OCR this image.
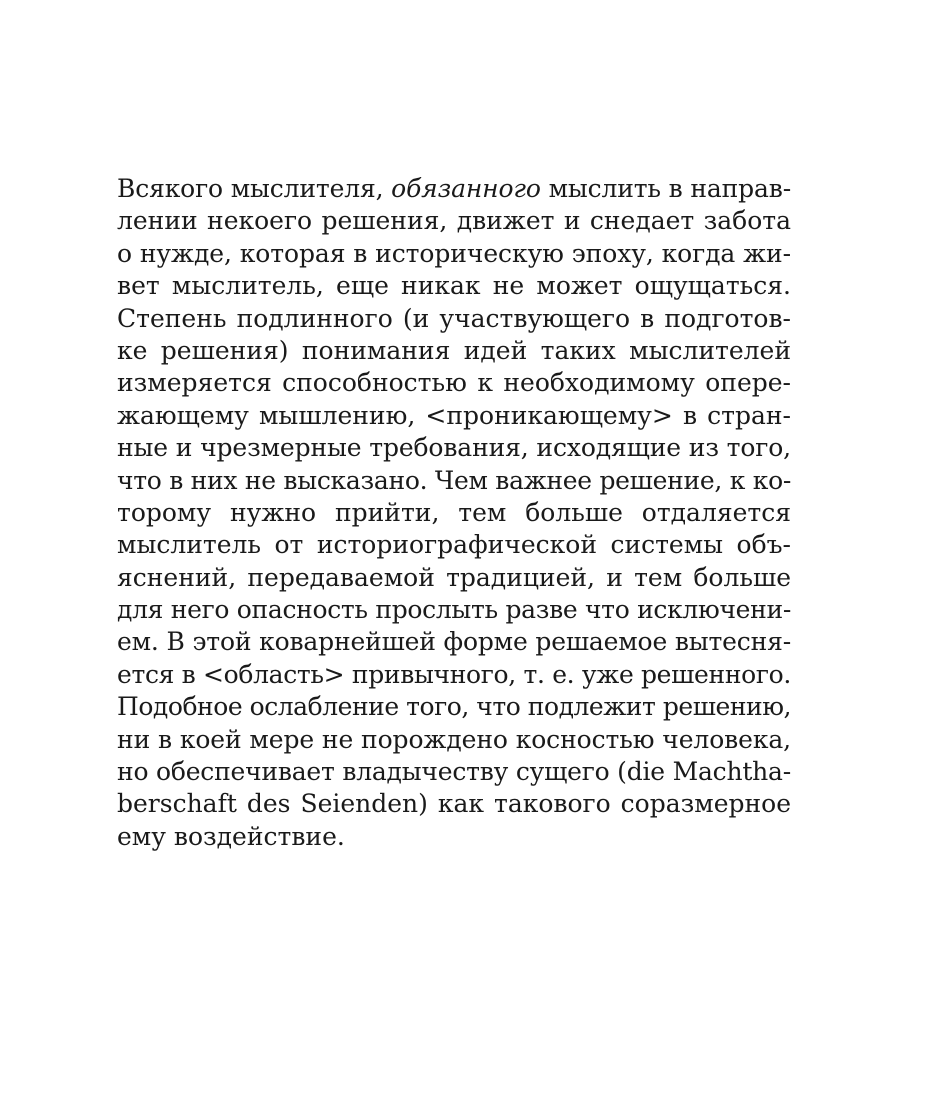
Всякого мыслителя, обязанного мыслить в направ-
лении некоего решения, движет и снедает забота
о нужде, которая в историческую эпоху, когда жи-
вет мыслитель, еще никак не может ощущаться.
Степень подлинного (и участвующего в подготов-
ке решения) понимания идей таких мыслителей
измеряется способностью к необходимому опере-
жающему мышлению, <проникающему> в стран-
ные и чрезмерные требования, исходящие из того,
что в них не высказано. Чем важнее решение, к ко-
торому нужно прийти, тем больше отдаляется
мыслитель от историографической системы объ-
яснений, передаваемой традицией, и тем больше
для него опасность прослыть разве что исключени-
ем. В этой коварнейшей форме решаемое вытесня-
ется в <область> привычного, т. е. уже решенного.
Подобное ослабление того, что подлежит решению,
ни в коей мере не порождено косностью человека,
но обеспечивает владычеству сущего (die Machtha-
berschaft des Seienden) как такового соразмерное
ему воздействие.
